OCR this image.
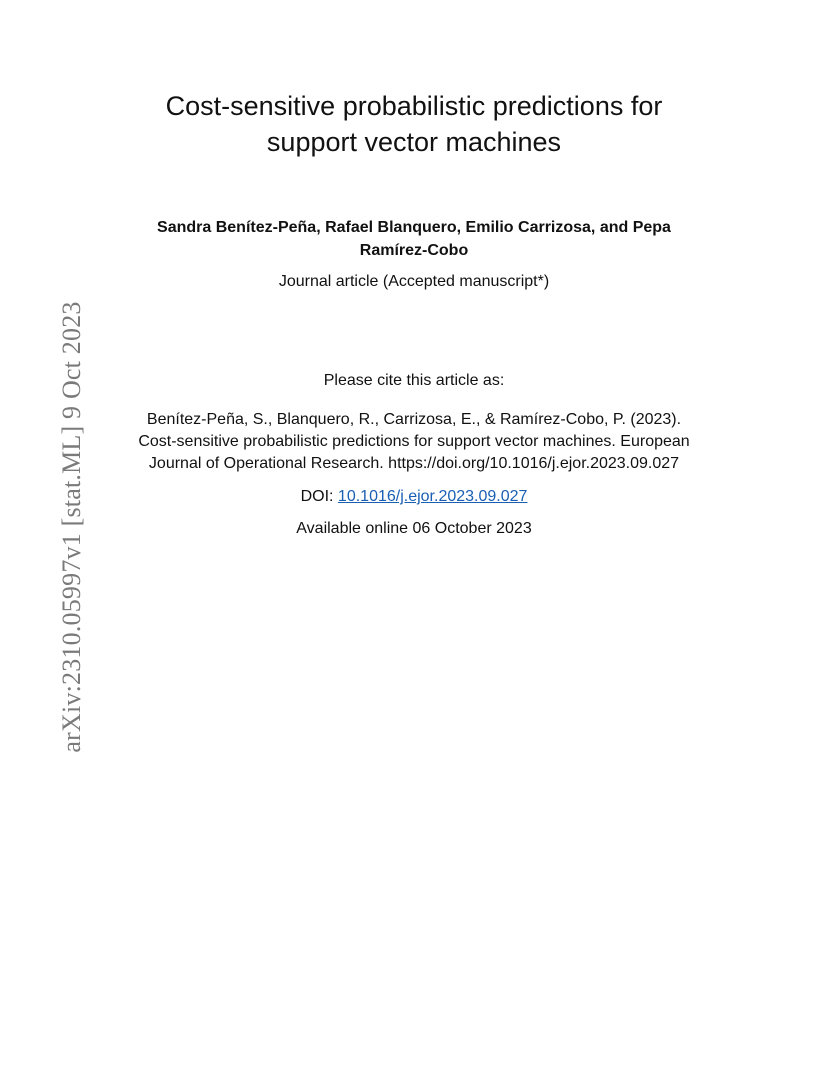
arXiv:2310.05997v1 [stat.ML] 9 Oct 2023
Cost-sensitive probabilistic predictions for support vector machines
Sandra Benítez-Peña, Rafael Blanquero, Emilio Carrizosa, and Pepa Ramírez-Cobo
Journal article (Accepted manuscript*)
Please cite this article as:
Benítez-Peña, S., Blanquero, R., Carrizosa, E., & Ramírez-Cobo, P. (2023). Cost-sensitive probabilistic predictions for support vector machines. European Journal of Operational Research. https://doi.org/10.1016/j.ejor.2023.09.027
DOI: 10.1016/j.ejor.2023.09.027
Available online 06 October 2023
